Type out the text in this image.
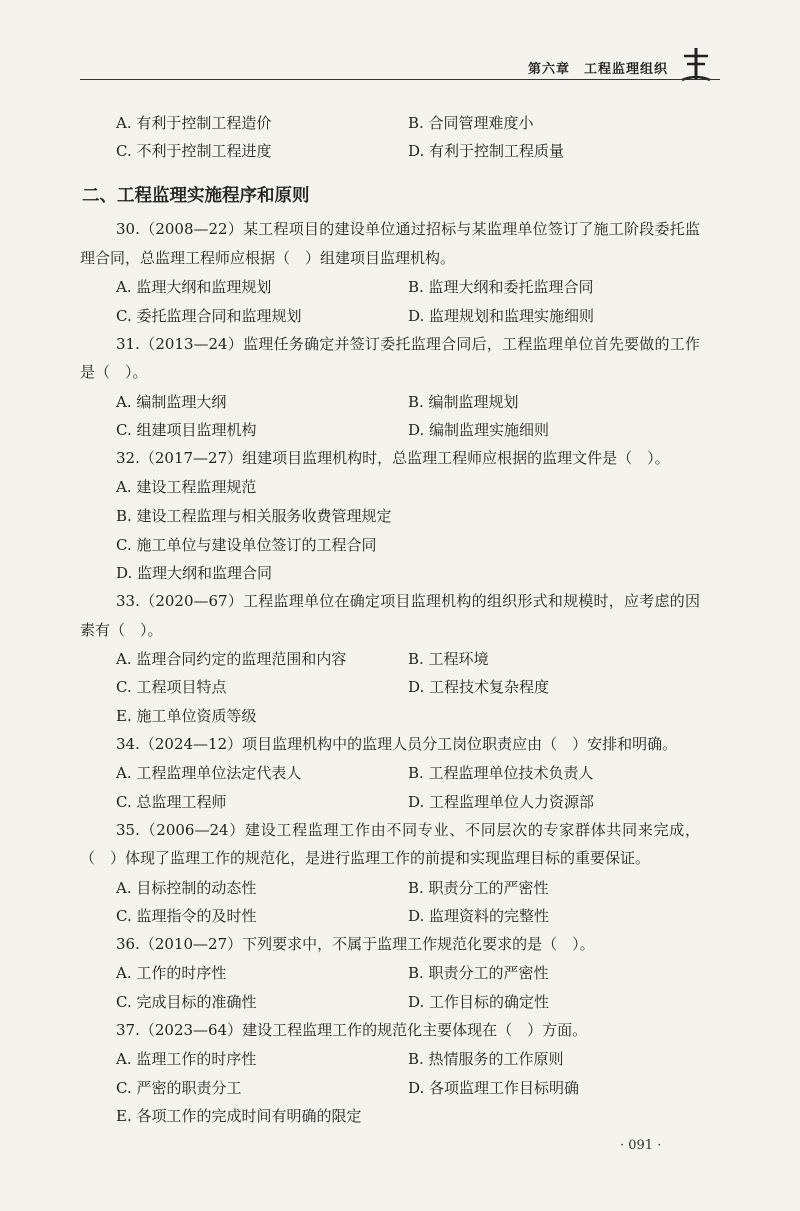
第六章　工程监理组织
A. 有利于控制工程造价	B. 合同管理难度小
C. 不利于控制工程进度	D. 有利于控制工程质量
二、工程监理实施程序和原则
30.（2008—22）某工程项目的建设单位通过招标与某监理单位签订了施工阶段委托监理合同，总监理工程师应根据（　）组建项目监理机构。
A. 监理大纲和监理规划	B. 监理大纲和委托监理合同
C. 委托监理合同和监理规划	D. 监理规划和监理实施细则
31.（2013—24）监理任务确定并签订委托监理合同后，工程监理单位首先要做的工作是（　）。
A. 编制监理大纲	B. 编制监理规划
C. 组建项目监理机构	D. 编制监理实施细则
32.（2017—27）组建项目监理机构时，总监理工程师应根据的监理文件是（　）。
A. 建设工程监理规范
B. 建设工程监理与相关服务收费管理规定
C. 施工单位与建设单位签订的工程合同
D. 监理大纲和监理合同
33.（2020—67）工程监理单位在确定项目监理机构的组织形式和规模时，应考虑的因素有（　）。
A. 监理合同约定的监理范围和内容	B. 工程环境
C. 工程项目特点	D. 工程技术复杂程度
E. 施工单位资质等级
34.（2024—12）项目监理机构中的监理人员分工岗位职责应由（　）安排和明确。
A. 工程监理单位法定代表人	B. 工程监理单位技术负责人
C. 总监理工程师	D. 工程监理单位人力资源部
35.（2006—24）建设工程监理工作由不同专业、不同层次的专家群体共同来完成，（　）体现了监理工作的规范化，是进行监理工作的前提和实现监理目标的重要保证。
A. 目标控制的动态性	B. 职责分工的严密性
C. 监理指令的及时性	D. 监理资料的完整性
36.（2010—27）下列要求中，不属于监理工作规范化要求的是（　）。
A. 工作的时序性	B. 职责分工的严密性
C. 完成目标的准确性	D. 工作目标的确定性
37.（2023—64）建设工程监理工作的规范化主要体现在（　）方面。
A. 监理工作的时序性	B. 热情服务的工作原则
C. 严密的职责分工	D. 各项监理工作目标明确
E. 各项工作的完成时间有明确的限定
· 091 ·
